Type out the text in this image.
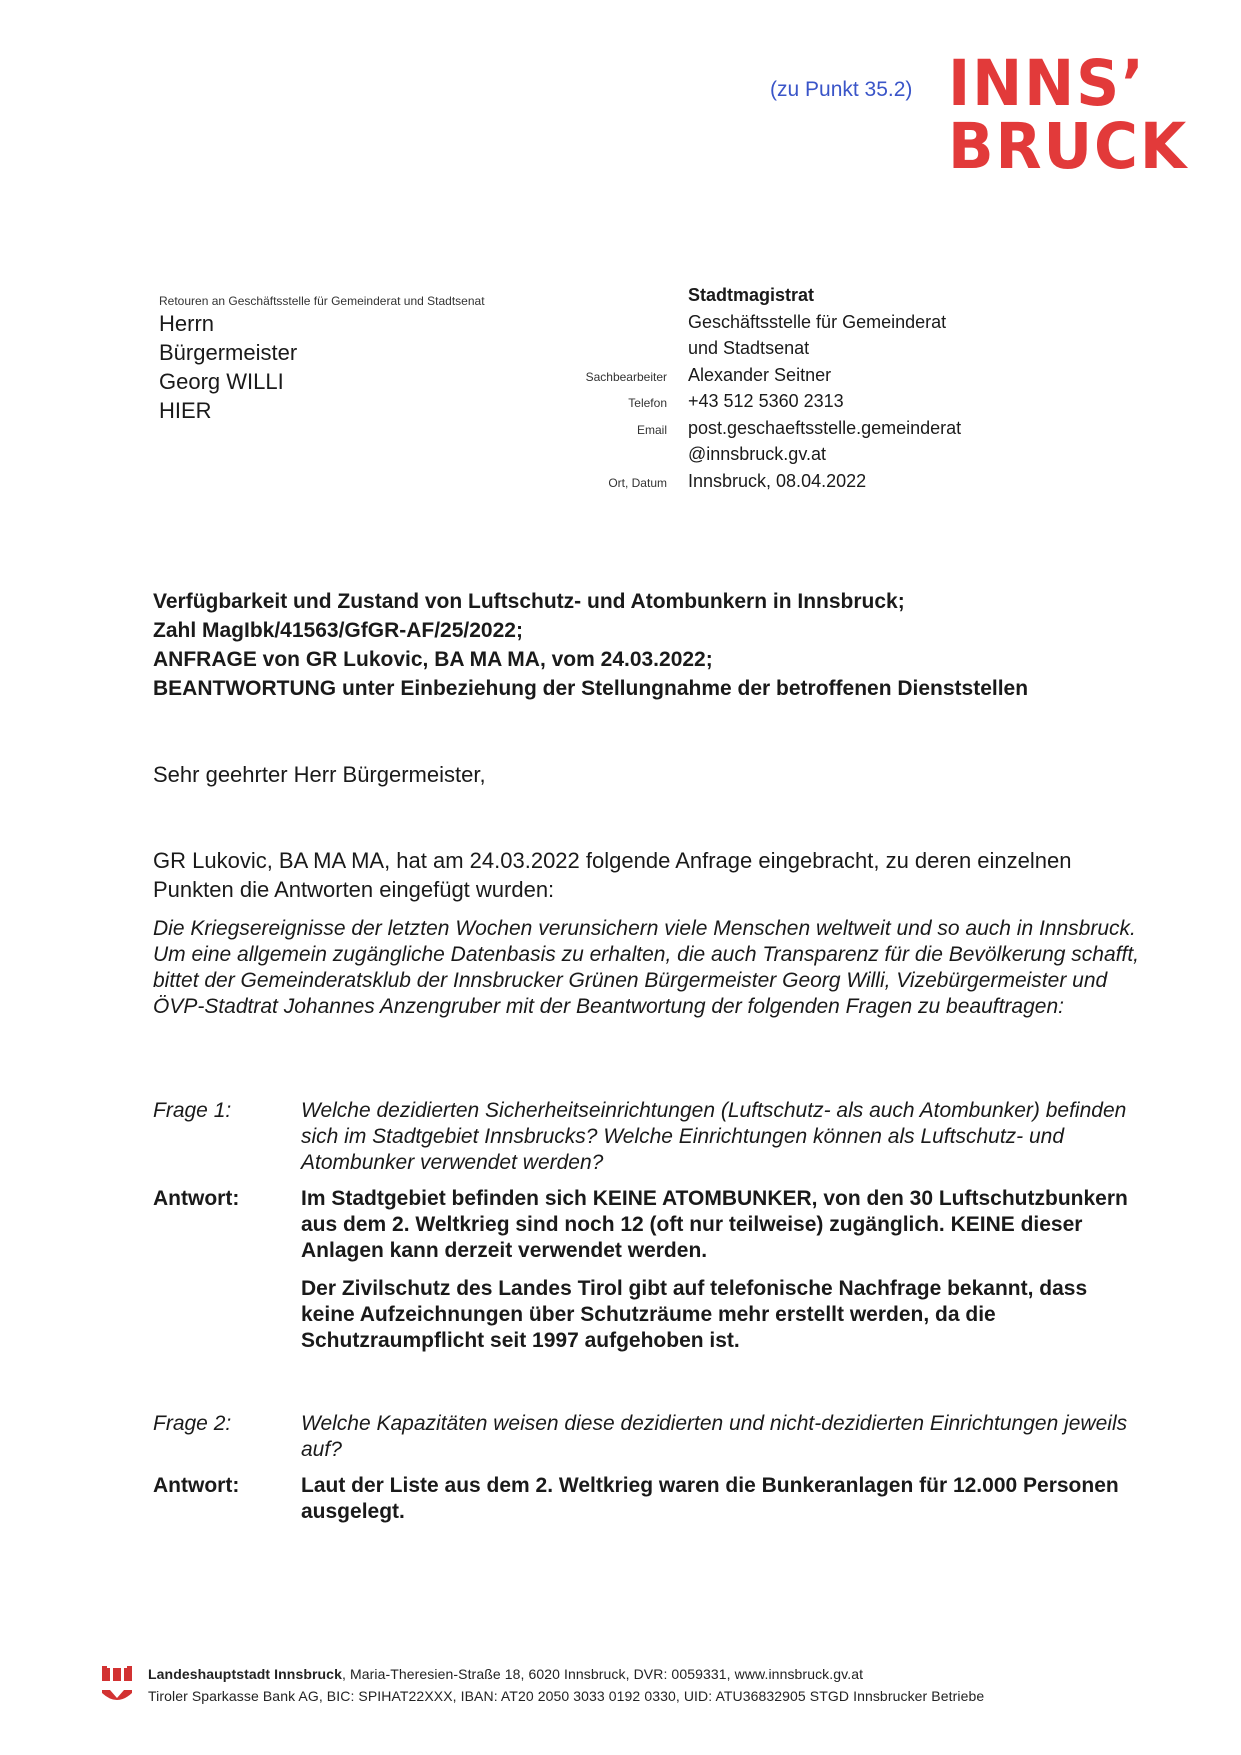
(zu Punkt 35.2) INNS’
BRUCK
Retouren an Geschäftsstelle für Gemeinderat und Stadtsenat
Herrn
Bürgermeister
Georg WILLI
HIER
Stadtmagistrat
Geschäftsstelle für Gemeinderat
und Stadtsenat
Sachbearbeiter	Alexander Seitner
Telefon	+43 512 5360 2313
Email	post.geschaeftsstelle.gemeinderat
@innsbruck.gv.at
Ort, Datum	Innsbruck, 08.04.2022
Verfügbarkeit und Zustand von Luftschutz- und Atombunkern in Innsbruck;
Zahl MagIbk/41563/GfGR-AF/25/2022;
ANFRAGE von GR Lukovic, BA MA MA, vom 24.03.2022;
BEANTWORTUNG unter Einbeziehung der Stellungnahme der betroffenen Dienststellen
Sehr geehrter Herr Bürgermeister,
GR Lukovic, BA MA MA, hat am 24.03.2022 folgende Anfrage eingebracht, zu deren einzelnen Punkten die Antworten eingefügt wurden:
Die Kriegsereignisse der letzten Wochen verunsichern viele Menschen weltweit und so auch in Innsbruck. Um eine allgemein zugängliche Datenbasis zu erhalten, die auch Transparenz für die Bevölkerung schafft, bittet der Gemeinderatsklub der Innsbrucker Grünen Bürgermeister Georg Willi, Vizebürgermeister und ÖVP-Stadtrat Johannes Anzengruber mit der Beantwortung der folgenden Fragen zu beauftragen:
Frage 1:	Welche dezidierten Sicherheitseinrichtungen (Luftschutz- als auch Atombunker) befinden sich im Stadtgebiet Innsbrucks? Welche Einrichtungen können als Luftschutz- und Atombunker verwendet werden?
Antwort:	Im Stadtgebiet befinden sich KEINE ATOMBUNKER, von den 30 Luftschutzbunkern aus dem 2. Weltkrieg sind noch 12 (oft nur teilweise) zugänglich. KEINE dieser Anlagen kann derzeit verwendet werden.

Der Zivilschutz des Landes Tirol gibt auf telefonische Nachfrage bekannt, dass keine Aufzeichnungen über Schutzräume mehr erstellt werden, da die Schutzraumpflicht seit 1997 aufgehoben ist.

Frage 2:	Welche Kapazitäten weisen diese dezidierten und nicht-dezidierten Einrichtungen jeweils auf?
Antwort:	Laut der Liste aus dem 2. Weltkrieg waren die Bunkeranlagen für 12.000 Personen ausgelegt.

Landeshauptstadt Innsbruck, Maria-Theresien-Straße 18, 6020 Innsbruck, DVR: 0059331, www.innsbruck.gv.at
Tiroler Sparkasse Bank AG, BIC: SPIHAT22XXX, IBAN: AT20 2050 3033 0192 0330, UID: ATU36832905 STGD Innsbrucker Betriebe
